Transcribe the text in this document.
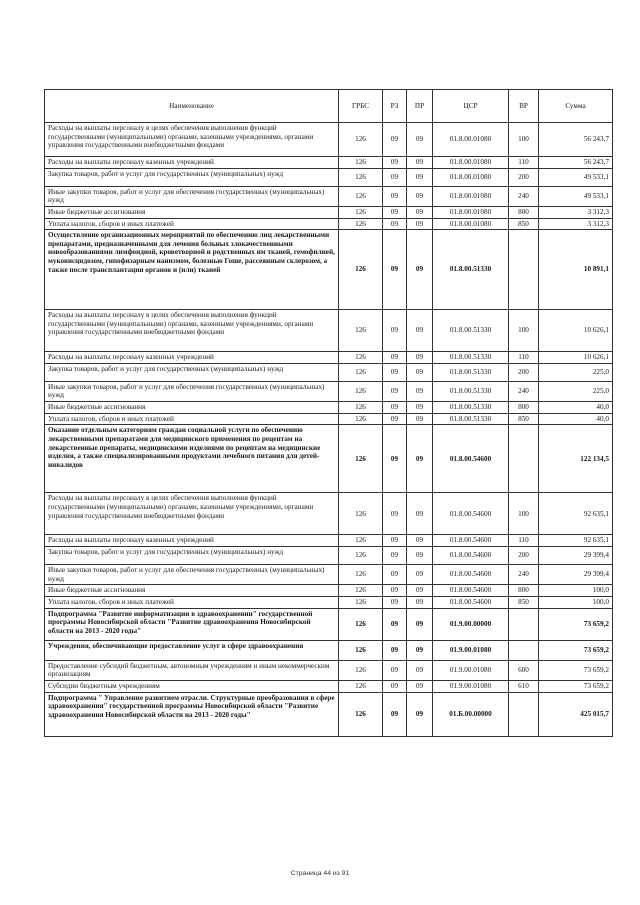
Наименование	ГРБС	РЗ	ПР	ЦСР	ВР	Сумма
Расходы на выплаты персоналу в целях обеспечения выполнения функций государственными (муниципальными) органами, казенными учреждениями, органами управления государственными внебюджетными фондами	126	09	09	01.8.00.01080	100	56 243,7
Расходы на выплаты персоналу казенных учреждений	126	09	09	01.8.00.01080	110	56 243,7
Закупка товаров, работ и услуг для государственных (муниципальных) нужд	126	09	09	01.8.00.01080	200	49 533,1
Иные закупки товаров, работ и услуг для обеспечения государственных (муниципальных) нужд	126	09	09	01.8.00.01080	240	49 533,1
Иные бюджетные ассигнования	126	09	09	01.8.00.01080	800	3 312,3
Уплата налогов, сборов и иных платежей	126	09	09	01.8.00.01080	850	3 312,3
Осуществление организационных мероприятий по обеспечению лиц лекарственными препаратами, предназначенными для лечения больных злокачественными новообразованиями лимфоидной, кроветворной и родственных им тканей, гемофилией, муковисцидозом, гипофизарным нанизмом, болезнью Гоше, рассеянным склерозом, а также после трансплантации органов и (или) тканей	126	09	09	01.8.00.51330		10 891,1
Расходы на выплаты персоналу в целях обеспечения выполнения функций государственными (муниципальными) органами, казенными учреждениями, органами управления государственными внебюджетными фондами	126	09	09	01.8.00.51330	100	10 626,1
Расходы на выплаты персоналу казенных учреждений	126	09	09	01.8.00.51330	110	10 626,1
Закупка товаров, работ и услуг для государственных (муниципальных) нужд	126	09	09	01.8.00.51330	200	225,0
Иные закупки товаров, работ и услуг для обеспечения государственных (муниципальных) нужд	126	09	09	01.8.00.51330	240	225,0
Иные бюджетные ассигнования	126	09	09	01.8.00.51330	800	40,0
Уплата налогов, сборов и иных платежей	126	09	09	01.8.00.51330	850	40,0
Оказание отдельным категориям граждан социальной услуги по обеспечению лекарственными препаратами для медицинского применения по рецептам на лекарственные препараты, медицинскими изделиями по рецептам на медицинские изделия, а также специализированными продуктами лечебного питания для детей-инвалидов	126	09	09	01.8.00.54600		122 134,5
Расходы на выплаты персоналу в целях обеспечения выполнения функций государственными (муниципальными) органами, казенными учреждениями, органами управления государственными внебюджетными фондами	126	09	09	01.8.00.54600	100	92 635,1
Расходы на выплаты персоналу казенных учреждений	126	09	09	01.8.00.54600	110	92 635,1
Закупка товаров, работ и услуг для государственных (муниципальных) нужд	126	09	09	01.8.00.54600	200	29 399,4
Иные закупки товаров, работ и услуг для обеспечения государственных (муниципальных) нужд	126	09	09	01.8.00.54600	240	29 399,4
Иные бюджетные ассигнования	126	09	09	01.8.00.54600	800	100,0
Уплата налогов, сборов и иных платежей	126	09	09	01.8.00.54600	850	100,0
Подпрограмма "Развитие информатизации в здравоохранении" государственной программы Новосибирской области "Развитие здравоохранения Новосибирской области на 2013 - 2020 годы"	126	09	09	01.9.00.00000		73 659,2
Учреждения, обеспечивающие предоставление услуг в сфере здравоохранения	126	09	09	01.9.00.01080		73 659,2
Предоставление субсидий бюджетным, автономным учреждениям и иным некоммерческим организациям	126	09	09	01.9.00.01080	600	73 659,2
Субсидии бюджетным учреждениям	126	09	09	01.9.00.01080	610	73 659,2
Подпрограмма " Управление развитием отрасли. Структурные преобразования в сфере здравоохранения" государственной программы Новосибирской области "Развитие здравоохранения Новосибирской области на 2013 - 2020 годы"	126	09	09	01.Б.00.00000		425 015,7
Страница 44 из 91
